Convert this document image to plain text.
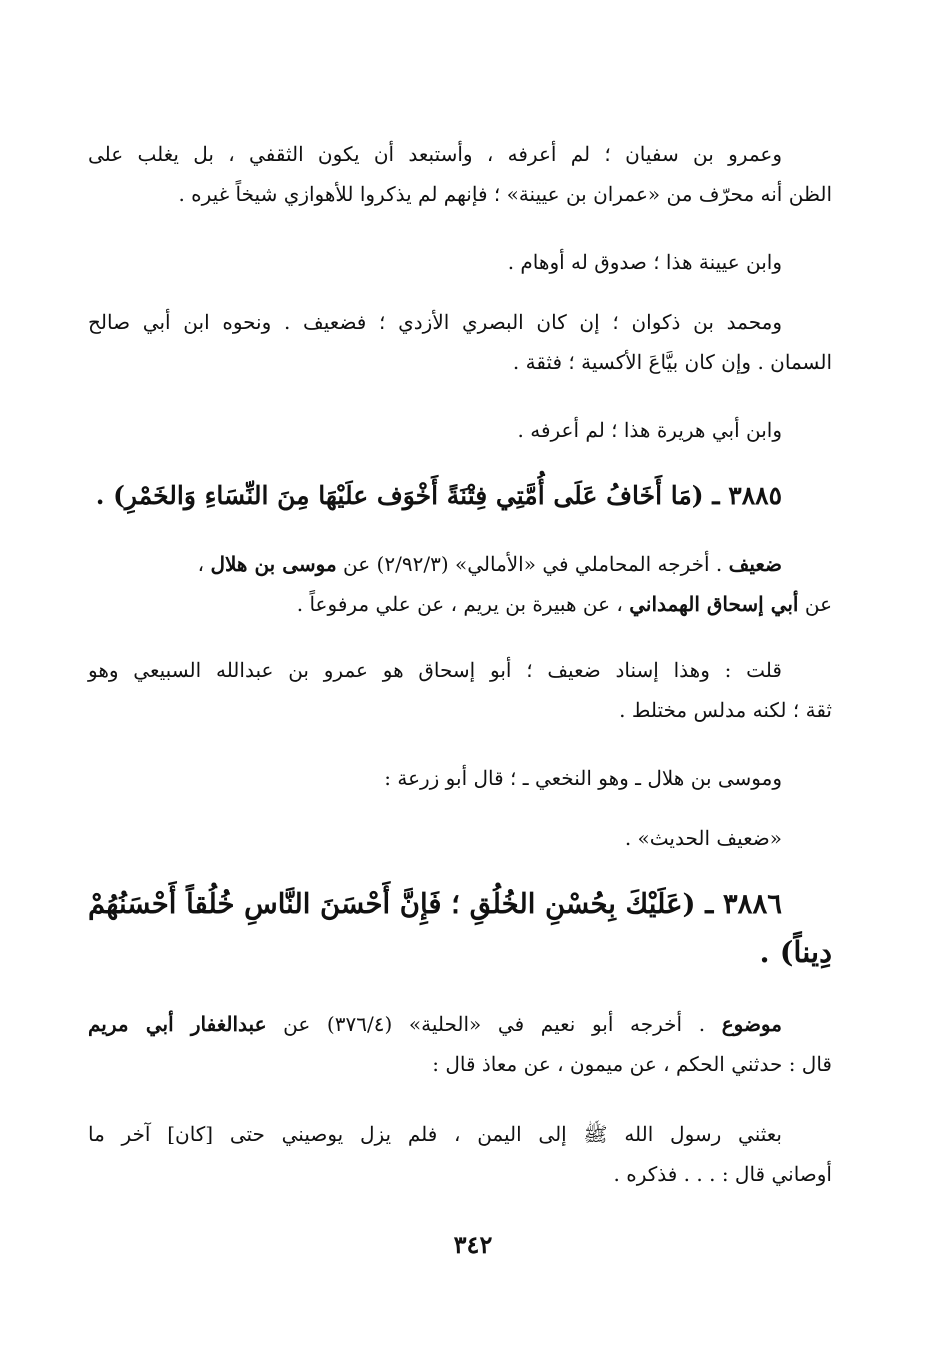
وعمرو بن سفيان ؛ لم أعرفه ، وأستبعد أن يكون الثقفي ، بل يغلب على
الظن أنه محرّف من «عمران بن عيينة» ؛ فإنهم لم يذكروا للأهوازي شيخاً غيره .
وابن عيينة هذا ؛ صدوق له أوهام .
ومحمد بن ذكوان ؛ إن كان البصري الأزدي ؛ فضعيف . ونحوه ابن أبي صالح
السمان . وإن كان بيَّاعَ الأكسية ؛ فثقة .
وابن أبي هريرة هذا ؛ لم أعرفه .
٣٨٨٥ ـ (مَا أَخَافُ عَلَى أُمَّتِي فِتْنَةً أَخْوَف علَيْهَا مِنَ النِّسَاءِ وَالخَمْرِ) .
ضعيف . أخرجه المحاملي في «الأمالي» (٢/٩٢/٣) عن موسى بن هلال ،
عن أبي إسحاق الهمداني ، عن هبيرة بن يريم ، عن علي مرفوعاً .
قلت : وهذا إسناد ضعيف ؛ أبو إسحاق هو عمرو بن عبدالله السبيعي وهو
ثقة ؛ لكنه مدلس مختلط .
وموسى بن هلال ـ وهو النخعي ـ ؛ قال أبو زرعة :
«ضعيف الحديث» .
٣٨٨٦ ـ (عَلَيْكَ بِحُسْنِ الخُلُقِ ؛ فَإِنَّ أَحْسَنَ النَّاسِ خُلُقاً أَحْسَنُهُمْ
دِيناً) .
موضوع . أخرجه أبو نعيم في «الحلية» (٣٧٦/٤) عن عبدالغفار أبي مريم
قال : حدثني الحكم ، عن ميمون ، عن معاذ قال :
بعثني رسول الله ﷺ إلى اليمن ، فلم يزل يوصيني حتى [كان] آخر ما
أوصاني قال : . . . فذكره .
٣٤٢
